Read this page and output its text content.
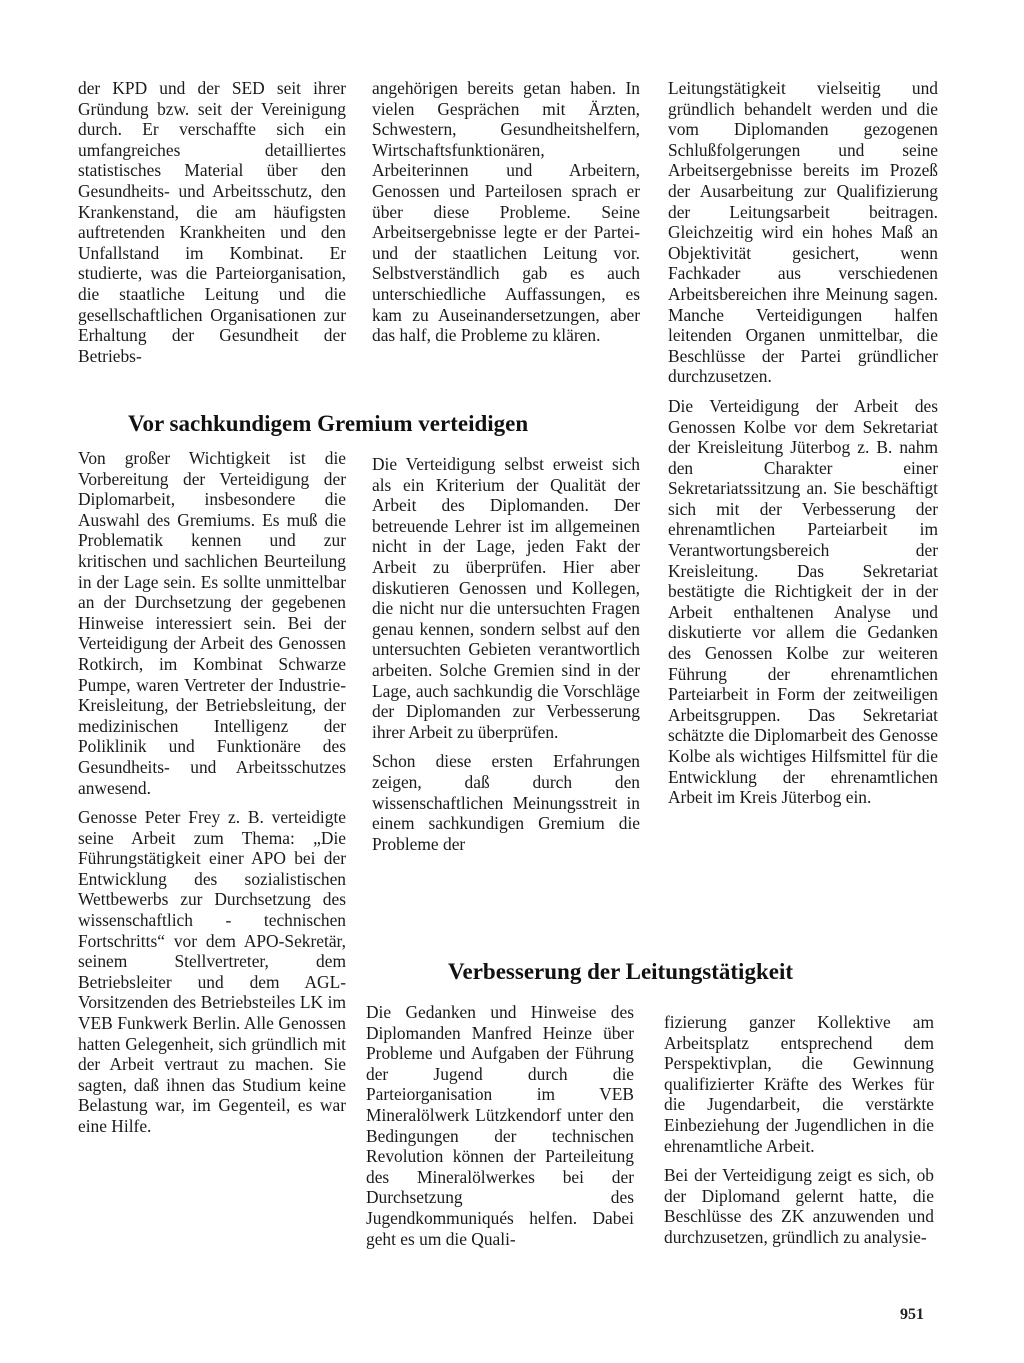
der KPD und der SED seit ihrer Gründung bzw. seit der Vereinigung durch. Er verschaffte sich ein umfangreiches detailliertes statistisches Material über den Gesundheits- und Arbeitsschutz, den Krankenstand, die am häufigsten auftretenden Krankheiten und den Unfallstand im Kombinat. Er studierte, was die Parteiorganisation, die staatliche Leitung und die gesellschaftlichen Organisationen zur Erhaltung der Gesundheit der Betriebs-

angehörigen bereits getan haben. In vielen Gesprächen mit Ärzten, Schwestern, Gesundheitshelfern, Wirtschaftsfunktionären, Arbeiterinnen und Arbeitern, Genossen und Parteilosen sprach er über diese Probleme. Seine Arbeitsergebnisse legte er der Partei- und der staatlichen Leitung vor. Selbstverständlich gab es auch unterschiedliche Auffassungen, es kam zu Auseinandersetzungen, aber das half, die Probleme zu klären.

Leitungstätigkeit vielseitig und gründlich behandelt werden und die vom Diplomanden gezogenen Schlußfolgerungen und seine Arbeitsergebnisse bereits im Prozeß der Ausarbeitung zur Qualifizierung der Leitungsarbeit beitragen. Gleichzeitig wird ein hohes Maß an Objektivität gesichert, wenn Fachkader aus verschiedenen Arbeitsbereichen ihre Meinung sagen. Manche Verteidigungen halfen leitenden Organen unmittelbar, die Beschlüsse der Partei gründlicher durchzusetzen.

Die Verteidigung der Arbeit des Genossen Kolbe vor dem Sekretariat der Kreisleitung Jüterbog z. B. nahm den Charakter einer Sekretariatssitzung an. Sie beschäftigt sich mit der Verbesserung der ehrenamtlichen Parteiarbeit im Verantwortungsbereich der Kreisleitung. Das Sekretariat bestätigte die Richtigkeit der in der Arbeit enthaltenen Analyse und diskutierte vor allem die Gedanken des Genossen Kolbe zur weiteren Führung der ehrenamtlichen Parteiarbeit in Form der zeitweiligen Arbeitsgruppen. Das Sekretariat schätzte die Diplomarbeit des Genosse Kolbe als wichtiges Hilfsmittel für die Entwicklung der ehrenamtlichen Arbeit im Kreis Jüterbog ein.

Vor sachkundigem Gremium verteidigen

Von großer Wichtigkeit ist die Vorbereitung der Verteidigung der Diplomarbeit, insbesondere die Auswahl des Gremiums. Es muß die Problematik kennen und zur kritischen und sachlichen Beurteilung in der Lage sein. Es sollte unmittelbar an der Durchsetzung der gegebenen Hinweise interessiert sein. Bei der Verteidigung der Arbeit des Genossen Rotkirch, im Kombinat Schwarze Pumpe, waren Vertreter der Industrie-Kreisleitung, der Betriebsleitung, der medizinischen Intelligenz der Poliklinik und Funktionäre des Gesundheits- und Arbeitsschutzes anwesend.

Genosse Peter Frey z. B. verteidigte seine Arbeit zum Thema: „Die Führungstätigkeit einer APO bei der Entwicklung des sozialistischen Wettbewerbs zur Durchsetzung des wissenschaftlich - technischen Fortschritts“ vor dem APO-Sekretär, seinem Stellvertreter, dem Betriebsleiter und dem AGL-Vorsitzenden des Betriebsteiles LK im VEB Funkwerk Berlin. Alle Genossen hatten Gelegenheit, sich gründlich mit der Arbeit vertraut zu machen. Sie sagten, daß ihnen das Studium keine Belastung war, im Gegenteil, es war eine Hilfe.

Die Verteidigung selbst erweist sich als ein Kriterium der Qualität der Arbeit des Diplomanden. Der betreuende Lehrer ist im allgemeinen nicht in der Lage, jeden Fakt der Arbeit zu überprüfen. Hier aber diskutieren Genossen und Kollegen, die nicht nur die untersuchten Fragen genau kennen, sondern selbst auf den untersuchten Gebieten verantwortlich arbeiten. Solche Gremien sind in der Lage, auch sachkundig die Vorschläge der Diplomanden zur Verbesserung ihrer Arbeit zu überprüfen.

Schon diese ersten Erfahrungen zeigen, daß durch den wissenschaftlichen Meinungsstreit in einem sachkundigen Gremium die Probleme der

Verbesserung der Leitungstätigkeit

Die Gedanken und Hinweise des Diplomanden Manfred Heinze über Probleme und Aufgaben der Führung der Jugend durch die Parteiorganisation im VEB Mineralölwerk Lützkendorf unter den Bedingungen der technischen Revolution können der Parteileitung des Mineralölwerkes bei der Durchsetzung des Jugendkommuniqués helfen. Dabei geht es um die Quali-

fizierung ganzer Kollektive am Arbeitsplatz entsprechend dem Perspektivplan, die Gewinnung qualifizierter Kräfte des Werkes für die Jugendarbeit, die verstärkte Einbeziehung der Jugendlichen in die ehrenamtliche Arbeit.

Bei der Verteidigung zeigt es sich, ob der Diplomand gelernt hatte, die Beschlüsse des ZK anzuwenden und durchzusetzen, gründlich zu analysie-

951
